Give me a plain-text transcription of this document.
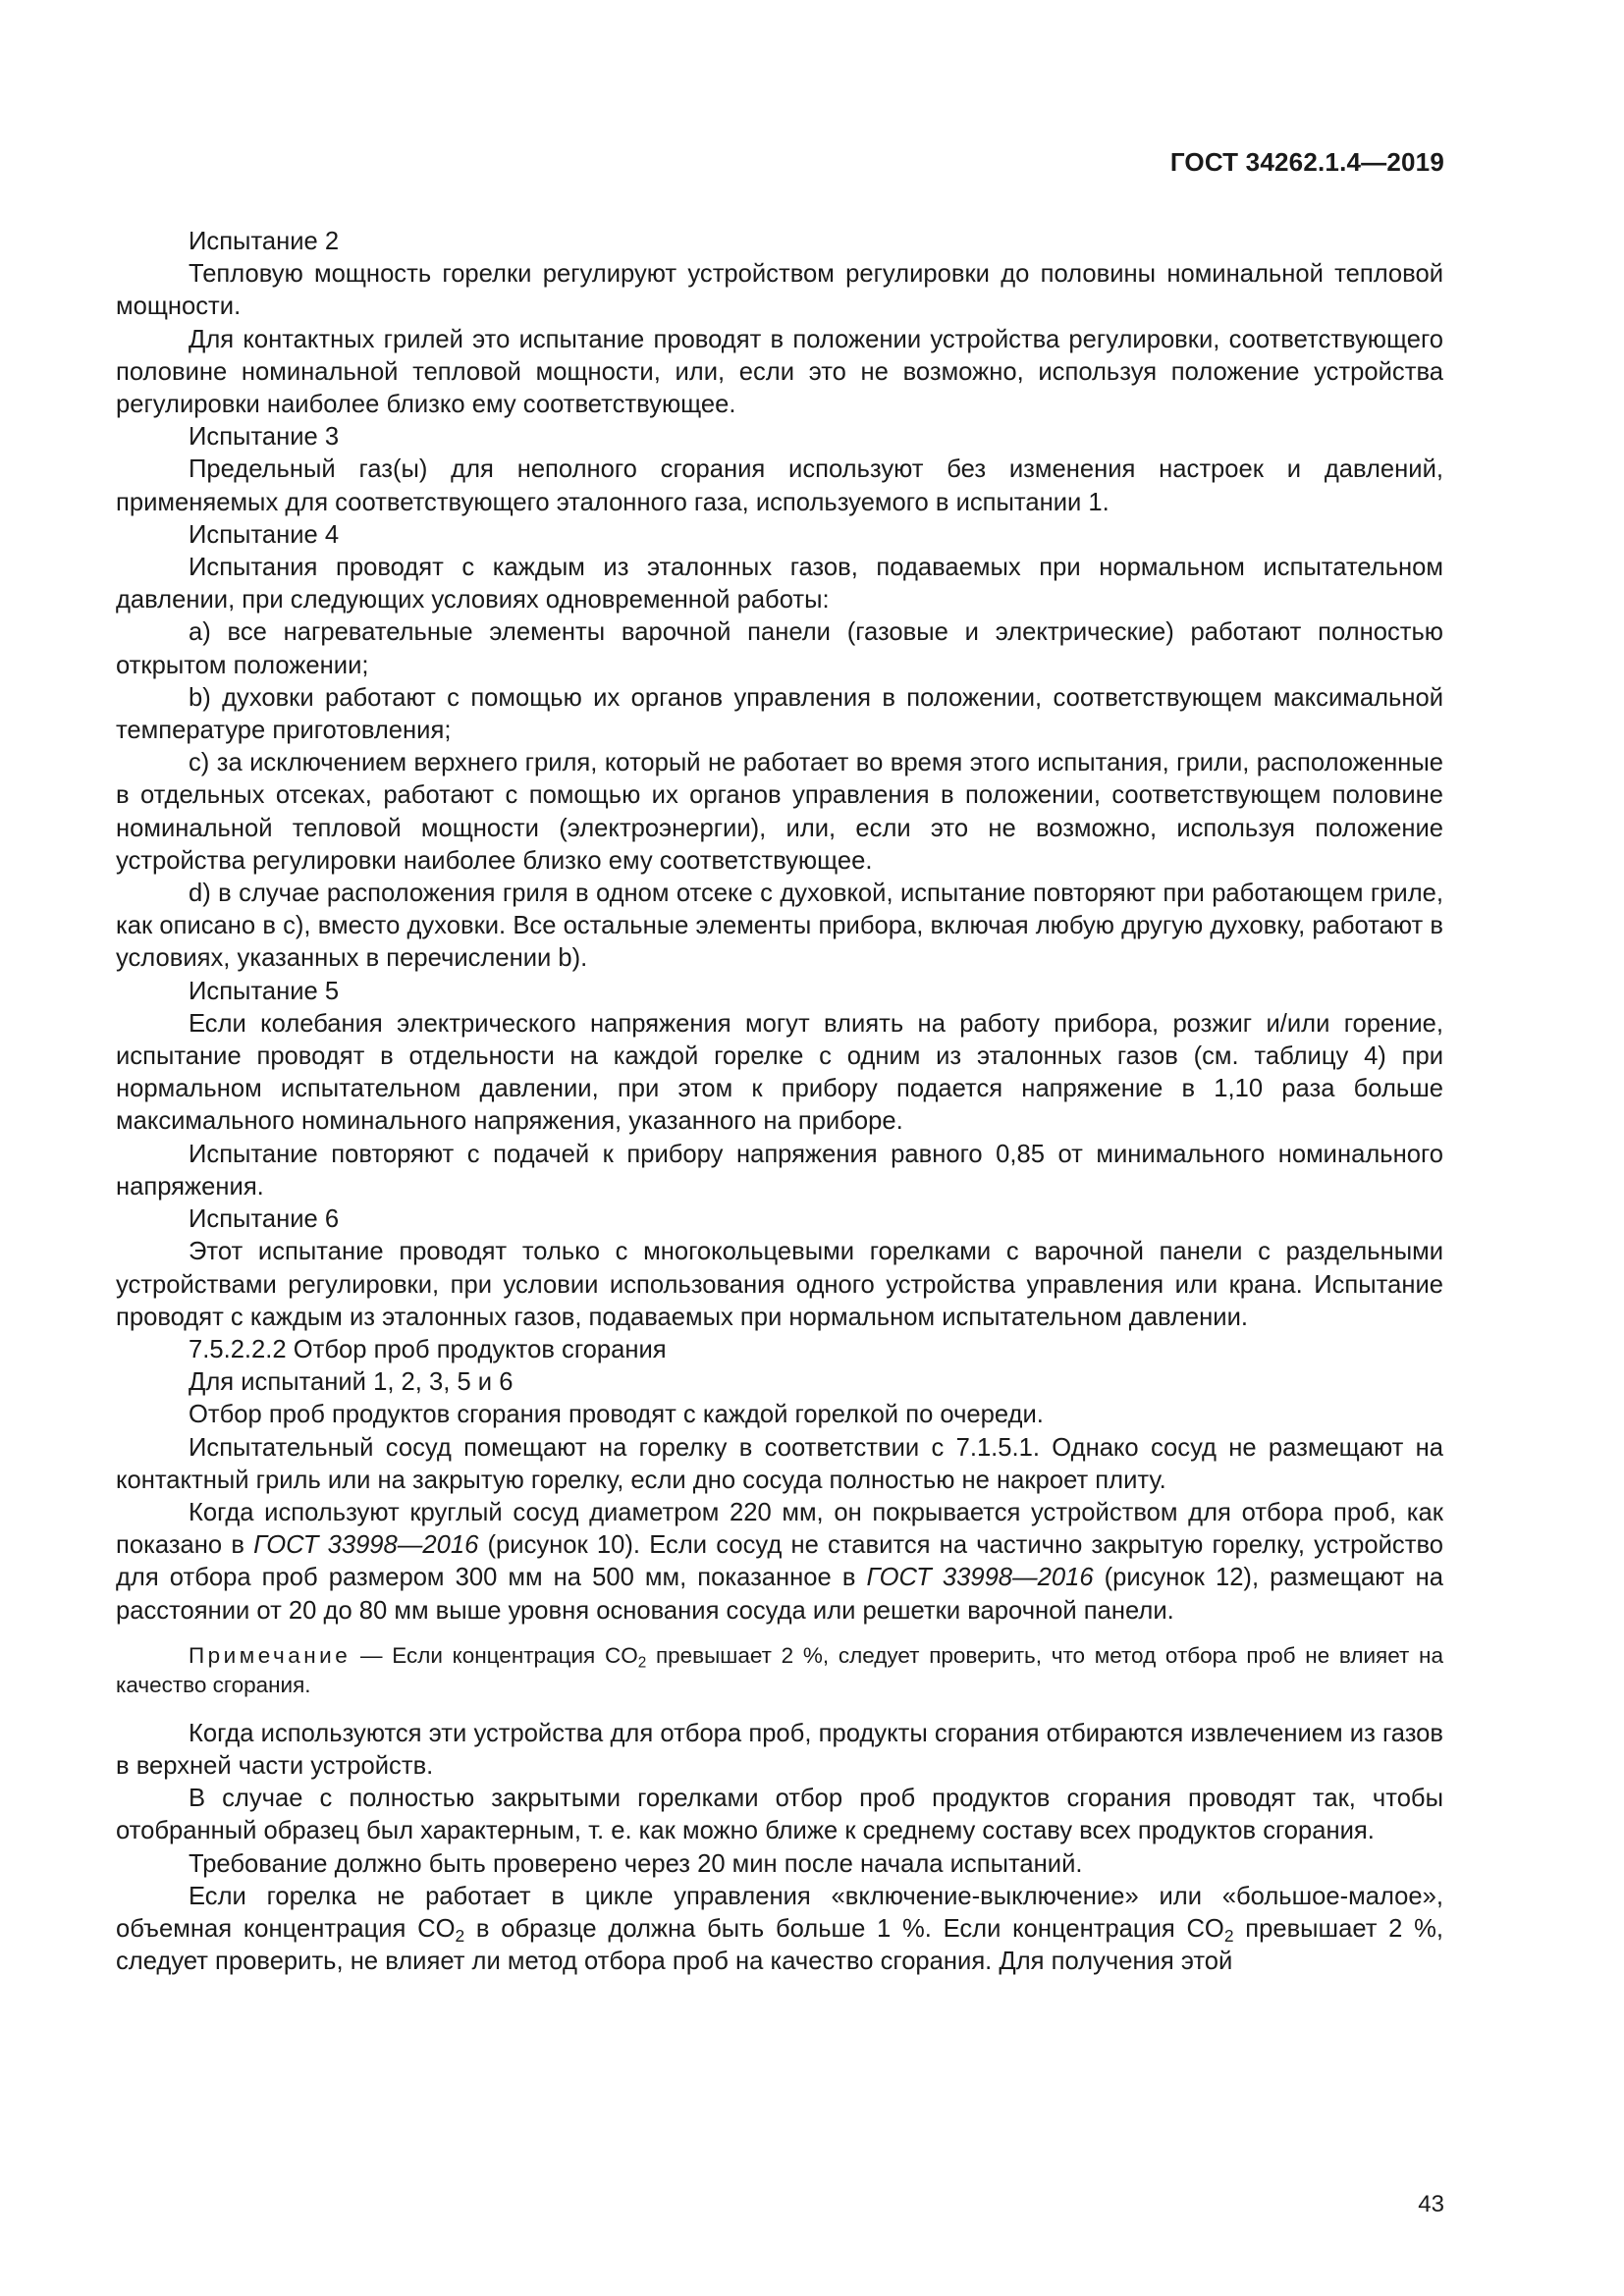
ГОСТ 34262.1.4—2019

Испытание 2

Тепловую мощность горелки регулируют устройством регулировки до половины номинальной тепловой мощности.

Для контактных грилей это испытание проводят в положении устройства регулировки, соответствующего половине номинальной тепловой мощности, или, если это не возможно, используя положение устройства регулировки наиболее близко ему соответствующее.

Испытание 3

Предельный газ(ы) для неполного сгорания используют без изменения настроек и давлений, применяемых для соответствующего эталонного газа, используемого в испытании 1.

Испытание 4

Испытания проводят с каждым из эталонных газов, подаваемых при нормальном испытательном давлении, при следующих условиях одновременной работы:

a) все нагревательные элементы варочной панели (газовые и электрические) работают полностью открытом положении;

b) духовки работают с помощью их органов управления в положении, соответствующем максимальной температуре приготовления;

c) за исключением верхнего гриля, который не работает во время этого испытания, грили, расположенные в отдельных отсеках, работают с помощью их органов управления в положении, соответствующем половине номинальной тепловой мощности (электроэнергии), или, если это не возможно, используя положение устройства регулировки наиболее близко ему соответствующее.

d) в случае расположения гриля в одном отсеке с духовкой, испытание повторяют при работающем гриле, как описано в c), вместо духовки. Все остальные элементы прибора, включая любую другую духовку, работают в условиях, указанных в перечислении b).

Испытание 5

Если колебания электрического напряжения могут влиять на работу прибора, розжиг и/или горение, испытание проводят в отдельности на каждой горелке с одним из эталонных газов (см. таблицу 4) при нормальном испытательном давлении, при этом к прибору подается напряжение в 1,10 раза больше максимального номинального напряжения, указанного на приборе.

Испытание повторяют с подачей к прибору напряжения равного 0,85 от минимального номинального напряжения.

Испытание 6

Этот испытание проводят только с многокольцевыми горелками с варочной панели с раздельными устройствами регулировки, при условии использования одного устройства управления или крана. Испытание проводят с каждым из эталонных газов, подаваемых при нормальном испытательном давлении.

7.5.2.2.2 Отбор проб продуктов сгорания

Для испытаний 1, 2, 3, 5 и 6

Отбор проб продуктов сгорания проводят с каждой горелкой по очереди.

Испытательный сосуд помещают на горелку в соответствии с 7.1.5.1. Однако сосуд не размещают на контактный гриль или на закрытую горелку, если дно сосуда полностью не накроет плиту.

Когда используют круглый сосуд диаметром 220 мм, он покрывается устройством для отбора проб, как показано в ГОСТ 33998—2016 (рисунок 10). Если сосуд не ставится на частично закрытую горелку, устройство для отбора проб размером 300 мм на 500 мм, показанное в ГОСТ 33998—2016 (рисунок 12), размещают на расстоянии от 20 до 80 мм выше уровня основания сосуда или решетки варочной панели.

Примечание — Если концентрация $CO_2$ превышает 2 %, следует проверить, что метод отбора проб не влияет на качество сгорания.

Когда используются эти устройства для отбора проб, продукты сгорания отбираются извлечением из газов в верхней части устройств.

В случае с полностью закрытыми горелками отбор проб продуктов сгорания проводят так, чтобы отобранный образец был характерным, т. е. как можно ближе к среднему составу всех продуктов сгорания.

Требование должно быть проверено через 20 мин после начала испытаний.

Если горелка не работает в цикле управления «включение-выключение» или «большое-малое», объемная концентрация $CO_2$ в образце должна быть больше 1 %. Если концентрация $CO_2$ превышает 2 %, следует проверить, не влияет ли метод отбора проб на качество сгорания. Для получения этой

43
